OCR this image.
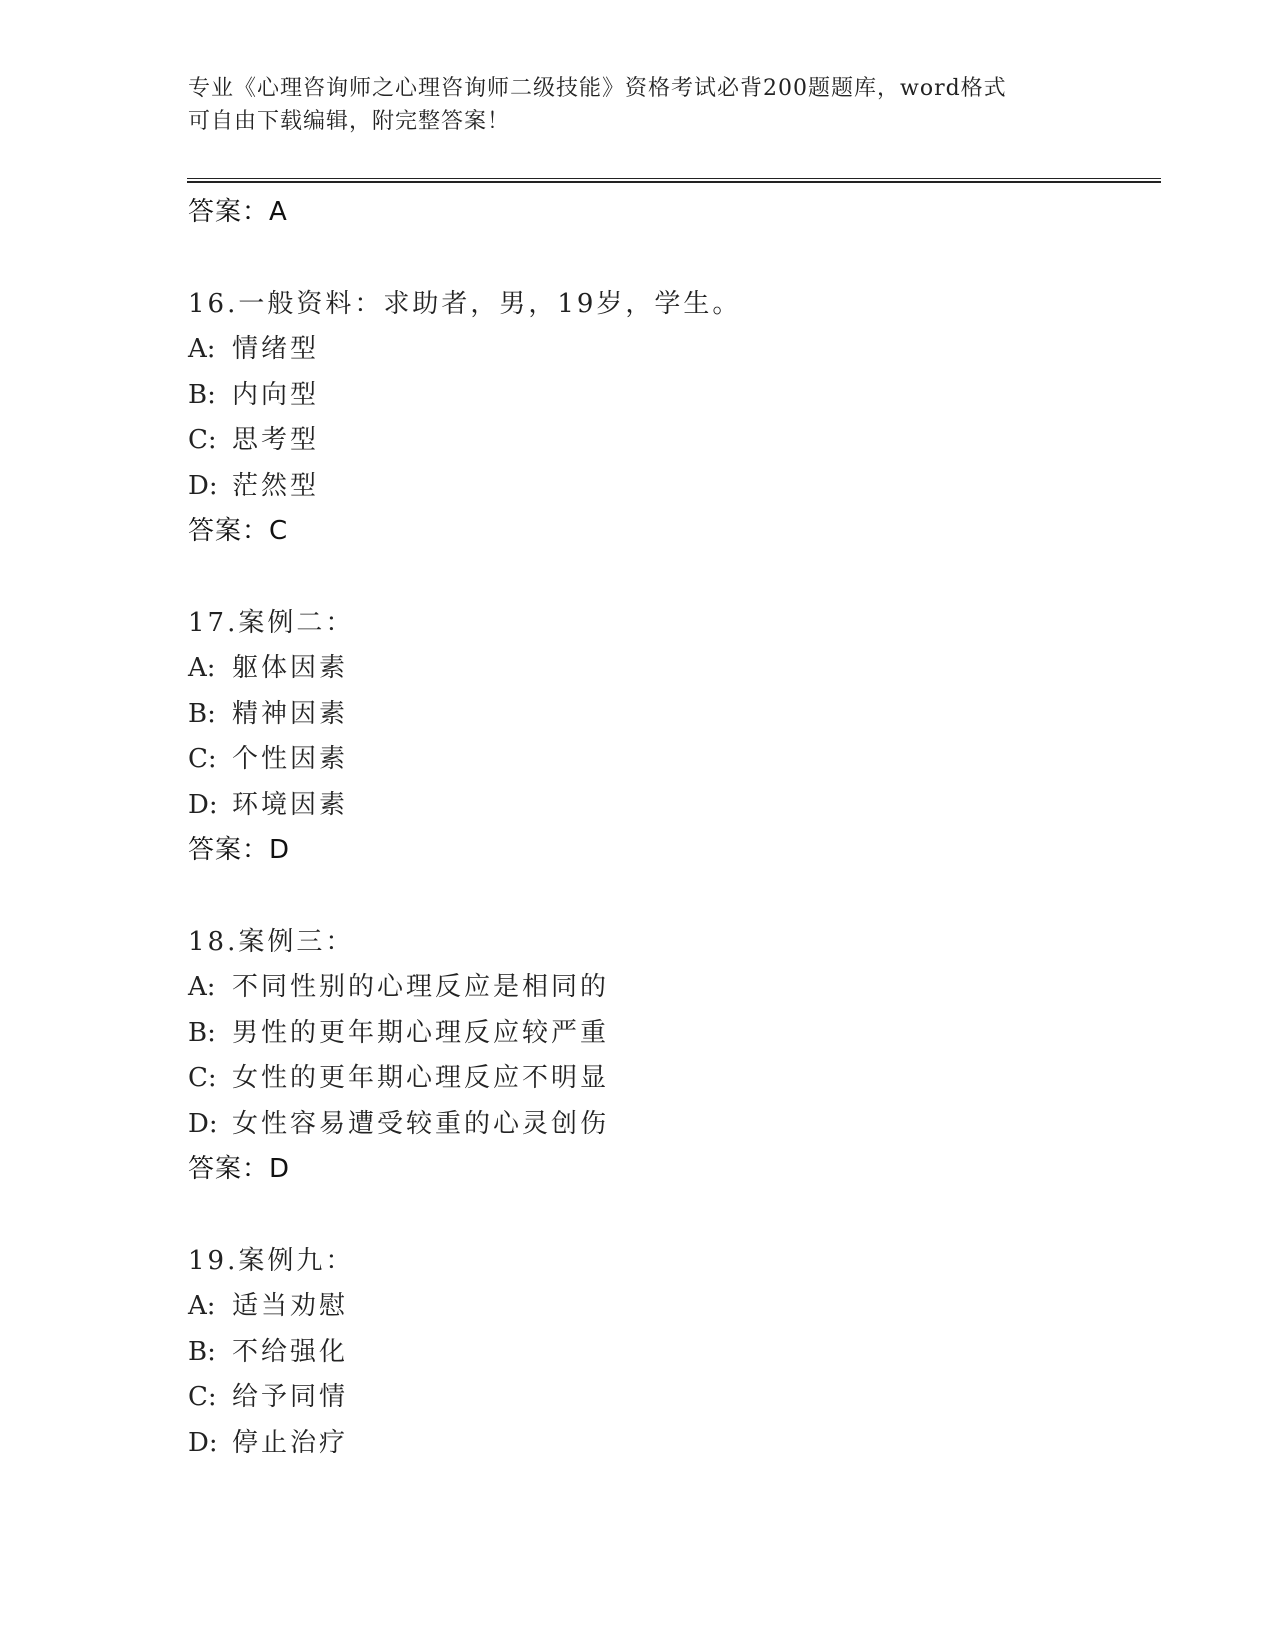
专业《心理咨询师之心理咨询师二级技能》资格考试必背200题题库，word格式
可自由下载编辑，附完整答案！
答案：A
16.一般资料：求助者，男，19岁，学生。
A: 情绪型
B: 内向型
C: 思考型
D: 茫然型
答案：C
17.案例二：
A: 躯体因素
B: 精神因素
C: 个性因素
D: 环境因素
答案：D
18.案例三：
A: 不同性别的心理反应是相同的
B: 男性的更年期心理反应较严重
C: 女性的更年期心理反应不明显
D: 女性容易遭受较重的心灵创伤
答案：D
19.案例九：
A: 适当劝慰
B: 不给强化
C: 给予同情
D: 停止治疗
